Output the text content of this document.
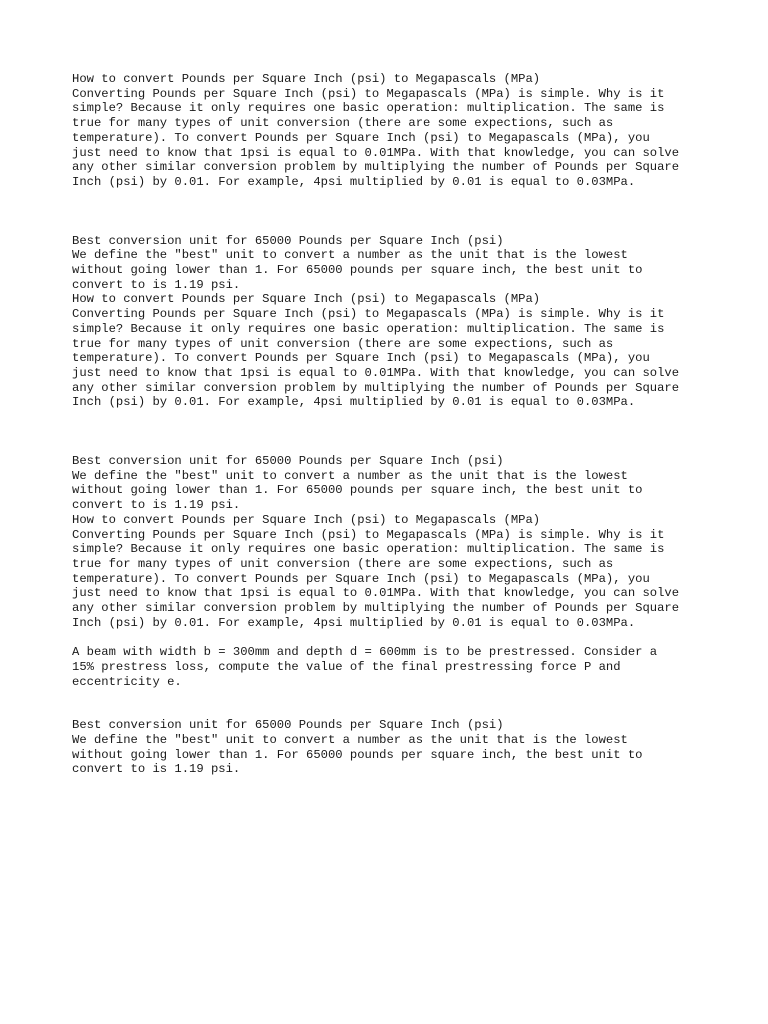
How to convert Pounds per Square Inch (psi) to Megapascals (MPa)
Converting Pounds per Square Inch (psi) to Megapascals (MPa) is simple. Why is it
simple? Because it only requires one basic operation: multiplication. The same is
true for many types of unit conversion (there are some expections, such as
temperature). To convert Pounds per Square Inch (psi) to Megapascals (MPa), you
just need to know that 1psi is equal to 0.01MPa. With that knowledge, you can solve
any other similar conversion problem by multiplying the number of Pounds per Square
Inch (psi) by 0.01. For example, 4psi multiplied by 0.01 is equal to 0.03MPa.
Best conversion unit for 65000 Pounds per Square Inch (psi)
We define the "best" unit to convert a number as the unit that is the lowest
without going lower than 1. For 65000 pounds per square inch, the best unit to
convert to is 1.19 psi.
How to convert Pounds per Square Inch (psi) to Megapascals (MPa)
Converting Pounds per Square Inch (psi) to Megapascals (MPa) is simple. Why is it
simple? Because it only requires one basic operation: multiplication. The same is
true for many types of unit conversion (there are some expections, such as
temperature). To convert Pounds per Square Inch (psi) to Megapascals (MPa), you
just need to know that 1psi is equal to 0.01MPa. With that knowledge, you can solve
any other similar conversion problem by multiplying the number of Pounds per Square
Inch (psi) by 0.01. For example, 4psi multiplied by 0.01 is equal to 0.03MPa.
Best conversion unit for 65000 Pounds per Square Inch (psi)
We define the "best" unit to convert a number as the unit that is the lowest
without going lower than 1. For 65000 pounds per square inch, the best unit to
convert to is 1.19 psi.
How to convert Pounds per Square Inch (psi) to Megapascals (MPa)
Converting Pounds per Square Inch (psi) to Megapascals (MPa) is simple. Why is it
simple? Because it only requires one basic operation: multiplication. The same is
true for many types of unit conversion (there are some expections, such as
temperature). To convert Pounds per Square Inch (psi) to Megapascals (MPa), you
just need to know that 1psi is equal to 0.01MPa. With that knowledge, you can solve
any other similar conversion problem by multiplying the number of Pounds per Square
Inch (psi) by 0.01. For example, 4psi multiplied by 0.01 is equal to 0.03MPa.
A beam with width b = 300mm and depth d = 600mm is to be prestressed. Consider a
15% prestress loss, compute the value of the final prestressing force P and
eccentricity e.
Best conversion unit for 65000 Pounds per Square Inch (psi)
We define the "best" unit to convert a number as the unit that is the lowest
without going lower than 1. For 65000 pounds per square inch, the best unit to
convert to is 1.19 psi.
